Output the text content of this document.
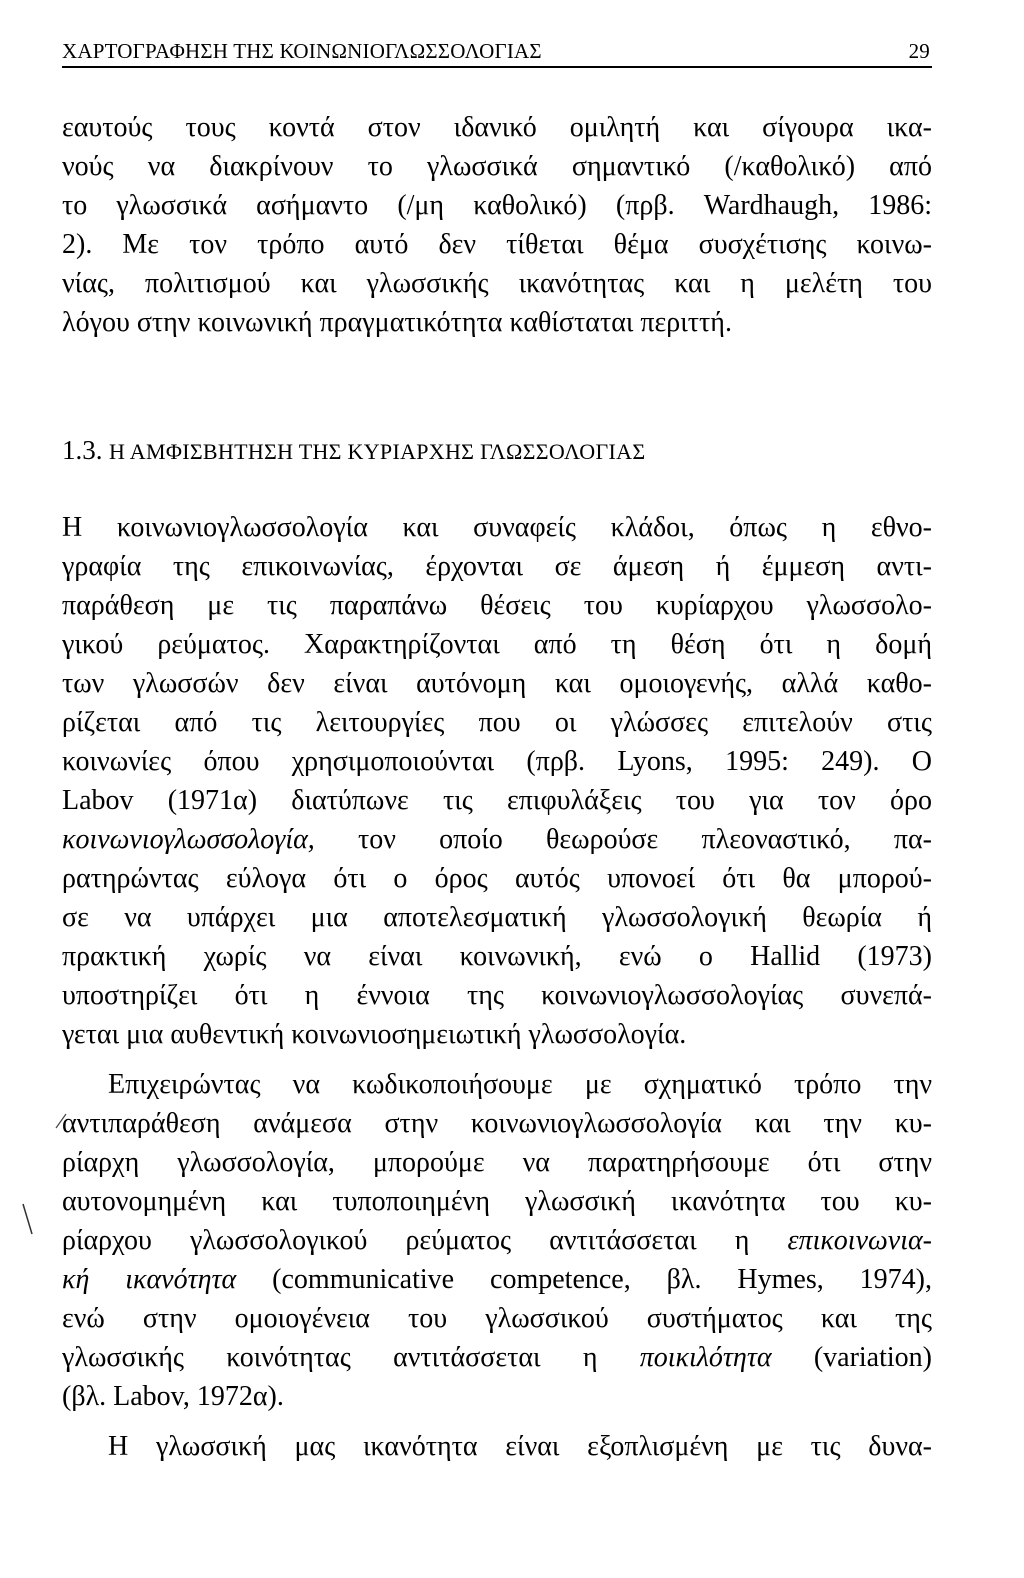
ΧΑΡΤΟΓΡΑΦΗΣΗ ΤΗΣ ΚΟΙΝΩΝΙΟΓΛΩΣΣΟΛΟΓΙΑΣ	29
εαυτούς τους κοντά στον ιδανικό ομιλητή και σίγουρα ικα-
νούς να διακρίνουν το γλωσσικά σημαντικό (/καθολικό) από
το γλωσσικά ασήμαντο (/μη καθολικό) (πρβ. Wardhaugh, 1986:
2). Με τον τρόπο αυτό δεν τίθεται θέμα συσχέτισης κοινω-
νίας, πολιτισμού και γλωσσικής ικανότητας και η μελέτη του
λόγου στην κοινωνική πραγματικότητα καθίσταται περιττή.
1.3. Η ΑΜΦΙΣΒΗΤΗΣΗ ΤΗΣ ΚΥΡΙΑΡΧΗΣ ΓΛΩΣΣΟΛΟΓΙΑΣ
Η κοινωνιογλωσσολογία και συναφείς κλάδοι, όπως η εθνο-
γραφία της επικοινωνίας, έρχονται σε άμεση ή έμμεση αντι-
παράθεση με τις παραπάνω θέσεις του κυρίαρχου γλωσσολο-
γικού ρεύματος. Χαρακτηρίζονται από τη θέση ότι η δομή
των γλωσσών δεν είναι αυτόνομη και ομοιογενής, αλλά καθο-
ρίζεται από τις λειτουργίες που οι γλώσσες επιτελούν στις
κοινωνίες όπου χρησιμοποιούνται (πρβ. Lyons, 1995: 249). Ο
Labov (1971α) διατύπωνε τις επιφυλάξεις του για τον όρο
κοινωνιογλωσσολογία, τον οποίο θεωρούσε πλεοναστικό, πα-
ρατηρώντας εύλογα ότι ο όρος αυτός υπονοεί ότι θα μπορού-
σε να υπάρχει μια αποτελεσματική γλωσσολογική θεωρία ή
πρακτική χωρίς να είναι κοινωνική, ενώ ο Hallid (1973)
υποστηρίζει ότι η έννοια της κοινωνιογλωσσολογίας συνεπά-
γεται μια αυθεντική κοινωνιοσημειωτική γλωσσολογία.
Επιχειρώντας να κωδικοποιήσουμε με σχηματικό τρόπο την
αντιπαράθεση ανάμεσα στην κοινωνιογλωσσολογία και την κυ-
ρίαρχη γλωσσολογία, μπορούμε να παρατηρήσουμε ότι στην
αυτονομημένη και τυποποιημένη γλωσσική ικανότητα του κυ-
ρίαρχου γλωσσολογικού ρεύματος αντιτάσσεται η επικοινωνια-
κή ικανότητα (communicative competence, βλ. Hymes, 1974),
ενώ στην ομοιογένεια του γλωσσικού συστήματος και της
γλωσσικής κοινότητας αντιτάσσεται η ποικιλότητα (variation)
(βλ. Labov, 1972α).
Η γλωσσική μας ικανότητα είναι εξοπλισμένη με τις δυνα-
